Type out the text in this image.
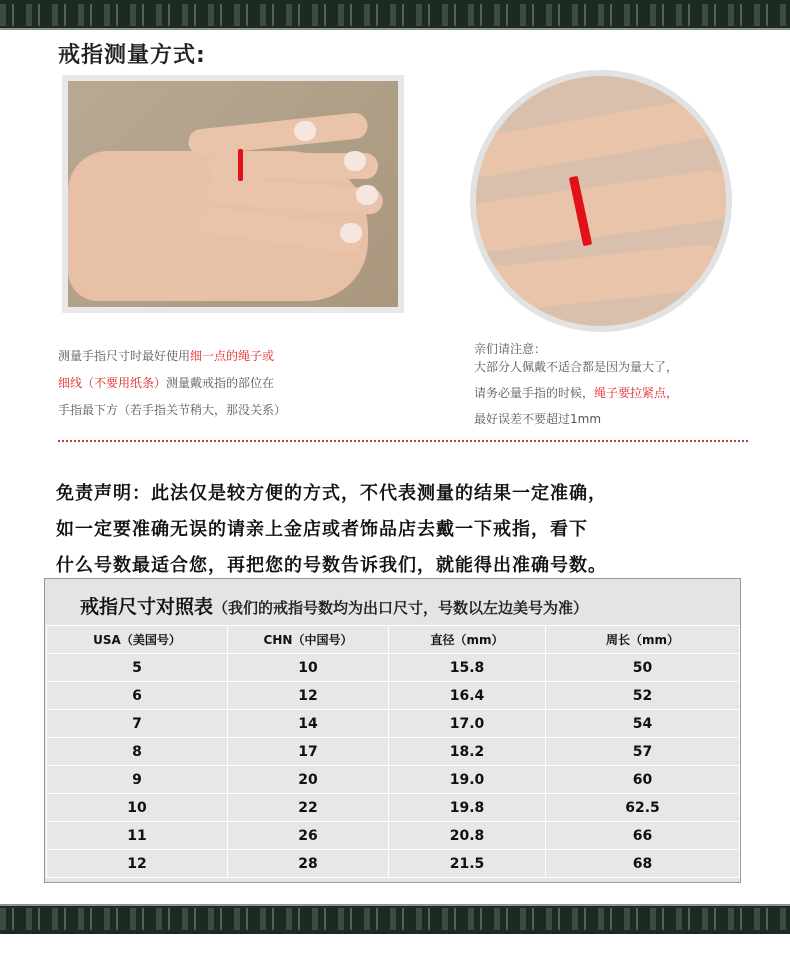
戒指测量方式:
测量手指尺寸时最好使用细一点的绳子或
细线（不要用纸条）测量戴戒指的部位在
手指最下方（若手指关节稍大，那没关系）
亲们请注意：
大部分人佩戴不适合都是因为量大了，
请务必量手指的时候，绳子要拉紧点，
最好误差不要超过1mm
免责声明：此法仅是较方便的方式，不代表测量的结果一定准确，
如一定要准确无误的请亲上金店或者饰品店去戴一下戒指，看下
什么号数最适合您，再把您的号数告诉我们，就能得出准确号数。
戒指尺寸对照表（我们的戒指号数均为出口尺寸，号数以左边美号为准）
USA（美国号）	CHN（中国号）	直径（mm）	周长（mm）
5	10	15.8	50
6	12	16.4	52
7	14	17.0	54
8	17	18.2	57
9	20	19.0	60
10	22	19.8	62.5
11	26	20.8	66
12	28	21.5	68
